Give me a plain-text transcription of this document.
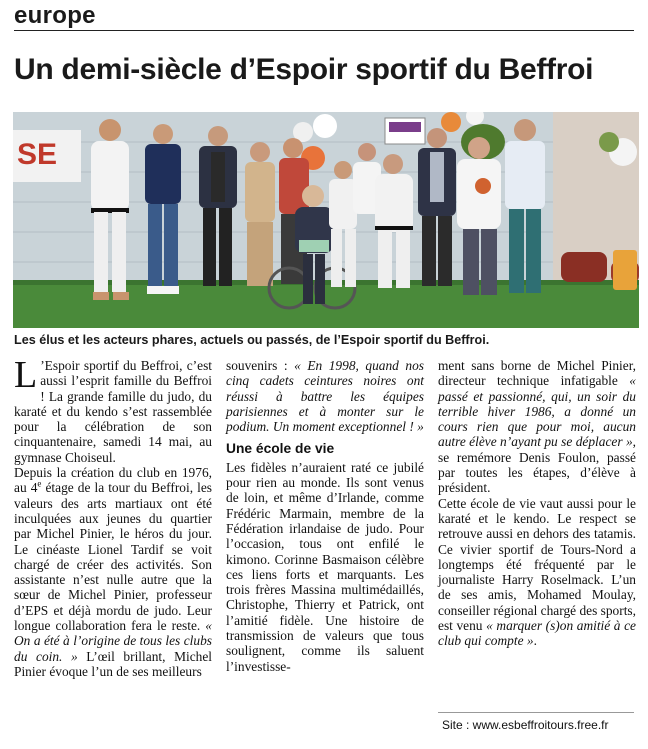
europe
Un demi-siècle d’Espoir sportif du Beffroi
SE
Les élus et les acteurs phares, actuels ou passés, de l’Espoir sportif du Beffroi.

L ’Espoir sportif du Beffroi, c’est aussi l’esprit famille du Beffroi ! La grande famille du judo, du karaté et du kendo s’est rassemblée pour la célébration de son cinquantenaire, samedi 14 mai, au gymnase Choiseul.

Depuis la création du club en 1976, au 4e étage de la tour du Beffroi, les valeurs des arts martiaux ont été inculquées aux jeunes du quartier par Michel Pinier, le héros du jour. Le cinéaste Lionel Tardif se voit chargé de créer des activités. Son assistante n’est nulle autre que la sœur de Michel Pinier, professeur d’EPS et déjà mordu de judo. Leur longue collaboration fera le reste. « On a été à l’origine de tous les clubs du coin. » L’œil brillant, Michel Pinier évoque l’un de ses meilleurs

souvenirs : « En 1998, quand nos cinq cadets ceintures noires ont réussi à battre les équipes parisiennes et à monter sur le podium. Un moment exceptionnel ! »

Une école de vie

Les fidèles n’auraient raté ce jubilé pour rien au monde. Ils sont venus de loin, et même d’Irlande, comme Frédéric Marmain, membre de la Fédération irlandaise de judo. Pour l’occasion, tous ont enfilé le kimono. Corinne Basmaison célèbre ces liens forts et marquants. Les trois frères Massina multimédaillés, Christophe, Thierry et Patrick, ont l’amitié fidèle. Une histoire de transmission de valeurs que tous soulignent, comme ils saluent l’investisse-

ment sans borne de Michel Pinier, directeur technique infatigable « passé et passionné, qui, un soir du terrible hiver 1986, a donné un cours rien que pour moi, aucun autre élève n’ayant pu se déplacer », se remémore Denis Foulon, passé par toutes les étapes, d’élève à président.

Cette école de vie vaut aussi pour le karaté et le kendo. Le respect se retrouve aussi en dehors des tatamis. Ce vivier sportif de Tours-Nord a longtemps été fréquenté par le journaliste Harry Roselmack. L’un de ses amis, Mohamed Moulay, conseiller régional chargé des sports, est venu « marquer (s)on amitié à ce club qui compte ».

Site : www.esbeffroitours.free.fr
